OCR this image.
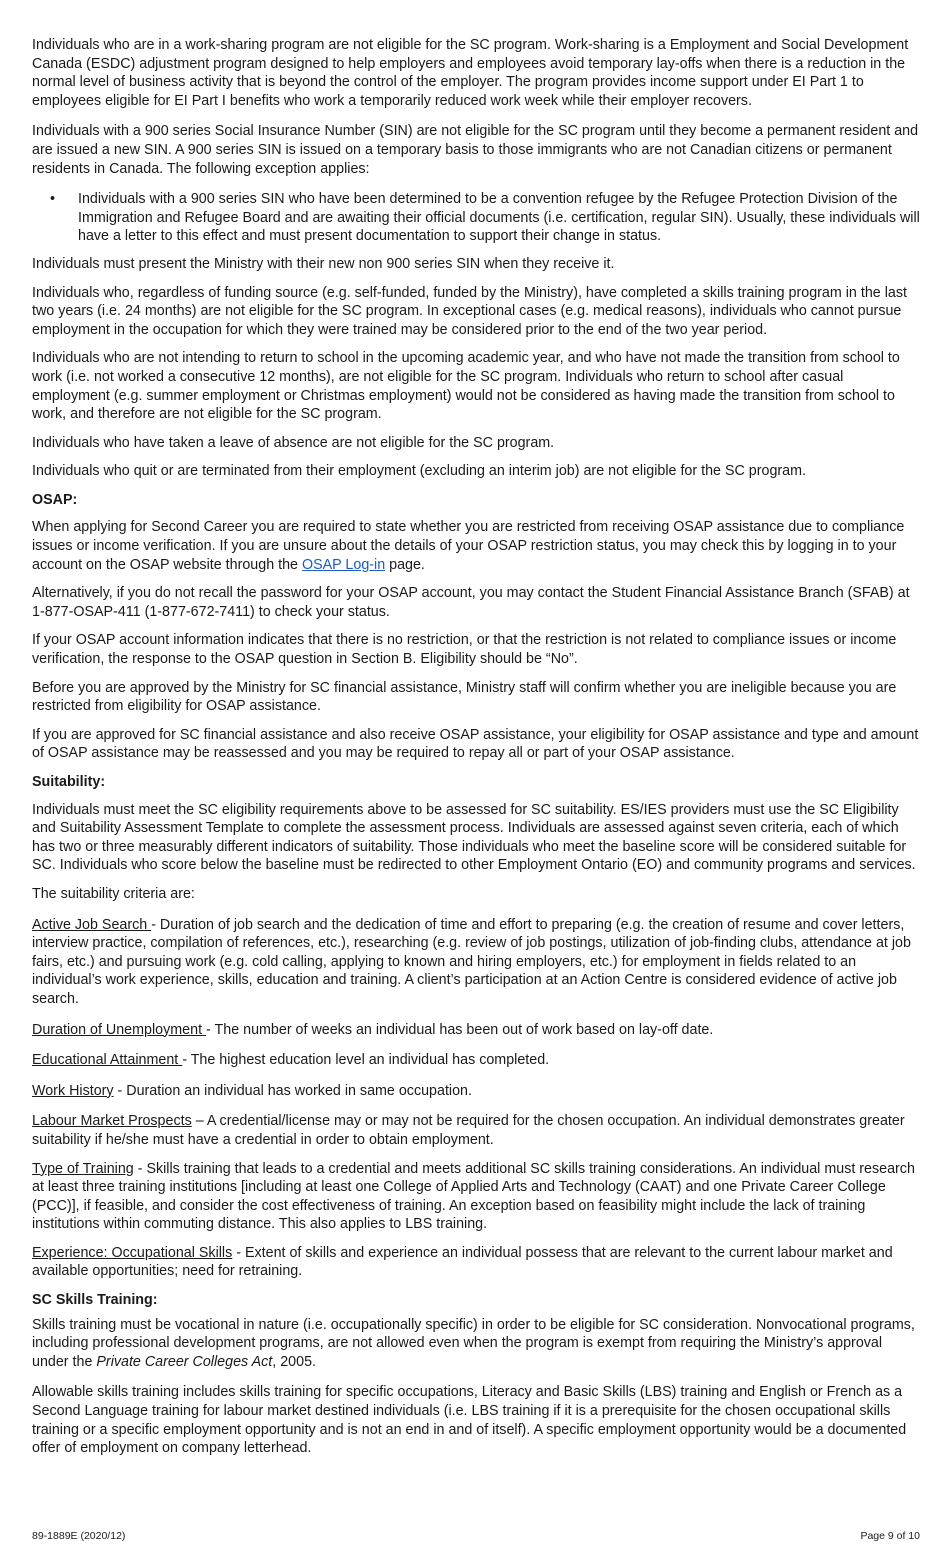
Individuals who are in a work-sharing program are not eligible for the SC program. Work-sharing is a Employment and Social Development Canada (ESDC) adjustment program designed to help employers and employees avoid temporary lay-offs when there is a reduction in the normal level of business activity that is beyond the control of the employer. The program provides income support under EI Part 1 to employees eligible for EI Part I benefits who work a temporarily reduced work week while their employer recovers.

Individuals with a 900 series Social Insurance Number (SIN) are not eligible for the SC program until they become a permanent resident and are issued a new SIN. A 900 series SIN is issued on a temporary basis to those immigrants who are not Canadian citizens or permanent residents in Canada. The following exception applies:

•	Individuals with a 900 series SIN who have been determined to be a convention refugee by the Refugee Protection Division of the Immigration and Refugee Board and are awaiting their official documents (i.e. certification, regular SIN). Usually, these individuals will have a letter to this effect and must present documentation to support their change in status.

Individuals must present the Ministry with their new non 900 series SIN when they receive it.

Individuals who, regardless of funding source (e.g. self-funded, funded by the Ministry), have completed a skills training program in the last two years (i.e. 24 months) are not eligible for the SC program. In exceptional cases (e.g. medical reasons), individuals who cannot pursue employment in the occupation for which they were trained may be considered prior to the end of the two year period.

Individuals who are not intending to return to school in the upcoming academic year, and who have not made the transition from school to work (i.e. not worked a consecutive 12 months), are not eligible for the SC program. Individuals who return to school after casual employment (e.g. summer employment or Christmas employment) would not be considered as having made the transition from school to work, and therefore are not eligible for the SC program.

Individuals who have taken a leave of absence are not eligible for the SC program.

Individuals who quit or are terminated from their employment (excluding an interim job) are not eligible for the SC program.

OSAP:

When applying for Second Career you are required to state whether you are restricted from receiving OSAP assistance due to compliance issues or income verification. If you are unsure about the details of your OSAP restriction status, you may check this by logging in to your account on the OSAP website through the OSAP Log-in page.

Alternatively, if you do not recall the password for your OSAP account, you may contact the Student Financial Assistance Branch (SFAB) at 1-877-OSAP-411 (1-877-672-7411) to check your status.

If your OSAP account information indicates that there is no restriction, or that the restriction is not related to compliance issues or income verification, the response to the OSAP question in Section B. Eligibility should be “No”.

Before you are approved by the Ministry for SC financial assistance, Ministry staff will confirm whether you are ineligible because you are restricted from eligibility for OSAP assistance.

If you are approved for SC financial assistance and also receive OSAP assistance, your eligibility for OSAP assistance and type and amount of OSAP assistance may be reassessed and you may be required to repay all or part of your OSAP assistance.

Suitability:

Individuals must meet the SC eligibility requirements above to be assessed for SC suitability. ES/IES providers must use the SC Eligibility and Suitability Assessment Template to complete the assessment process. Individuals are assessed against seven criteria, each of which has two or three measurably different indicators of suitability. Those individuals who meet the baseline score will be considered suitable for SC. Individuals who score below the baseline must be redirected to other Employment Ontario (EO) and community programs and services.

The suitability criteria are:

Active Job Search - Duration of job search and the dedication of time and effort to preparing (e.g. the creation of resume and cover letters, interview practice, compilation of references, etc.), researching (e.g. review of job postings, utilization of job-finding clubs, attendance at job fairs, etc.) and pursuing work (e.g. cold calling, applying to known and hiring employers, etc.) for employment in fields related to an individual’s work experience, skills, education and training. A client’s participation at an Action Centre is considered evidence of active job search.

Duration of Unemployment - The number of weeks an individual has been out of work based on lay-off date.

Educational Attainment - The highest education level an individual has completed.

Work History - Duration an individual has worked in same occupation.

Labour Market Prospects – A credential/license may or may not be required for the chosen occupation. An individual demonstrates greater suitability if he/she must have a credential in order to obtain employment.

Type of Training - Skills training that leads to a credential and meets additional SC skills training considerations. An individual must research at least three training institutions [including at least one College of Applied Arts and Technology (CAAT) and one Private Career College (PCC)], if feasible, and consider the cost effectiveness of training. An exception based on feasibility might include the lack of training institutions within commuting distance. This also applies to LBS training.

Experience: Occupational Skills - Extent of skills and experience an individual possess that are relevant to the current labour market and available opportunities; need for retraining.

SC Skills Training:

Skills training must be vocational in nature (i.e. occupationally specific) in order to be eligible for SC consideration. Nonvocational programs, including professional development programs, are not allowed even when the program is exempt from requiring the Ministry’s approval under the Private Career Colleges Act, 2005.

Allowable skills training includes skills training for specific occupations, Literacy and Basic Skills (LBS) training and English or French as a Second Language training for labour market destined individuals (i.e. LBS training if it is a prerequisite for the chosen occupational skills training or a specific employment opportunity and is not an end in and of itself). A specific employment opportunity would be a documented offer of employment on company letterhead.

89-1889E (2020/12)	Page 9 of 10
